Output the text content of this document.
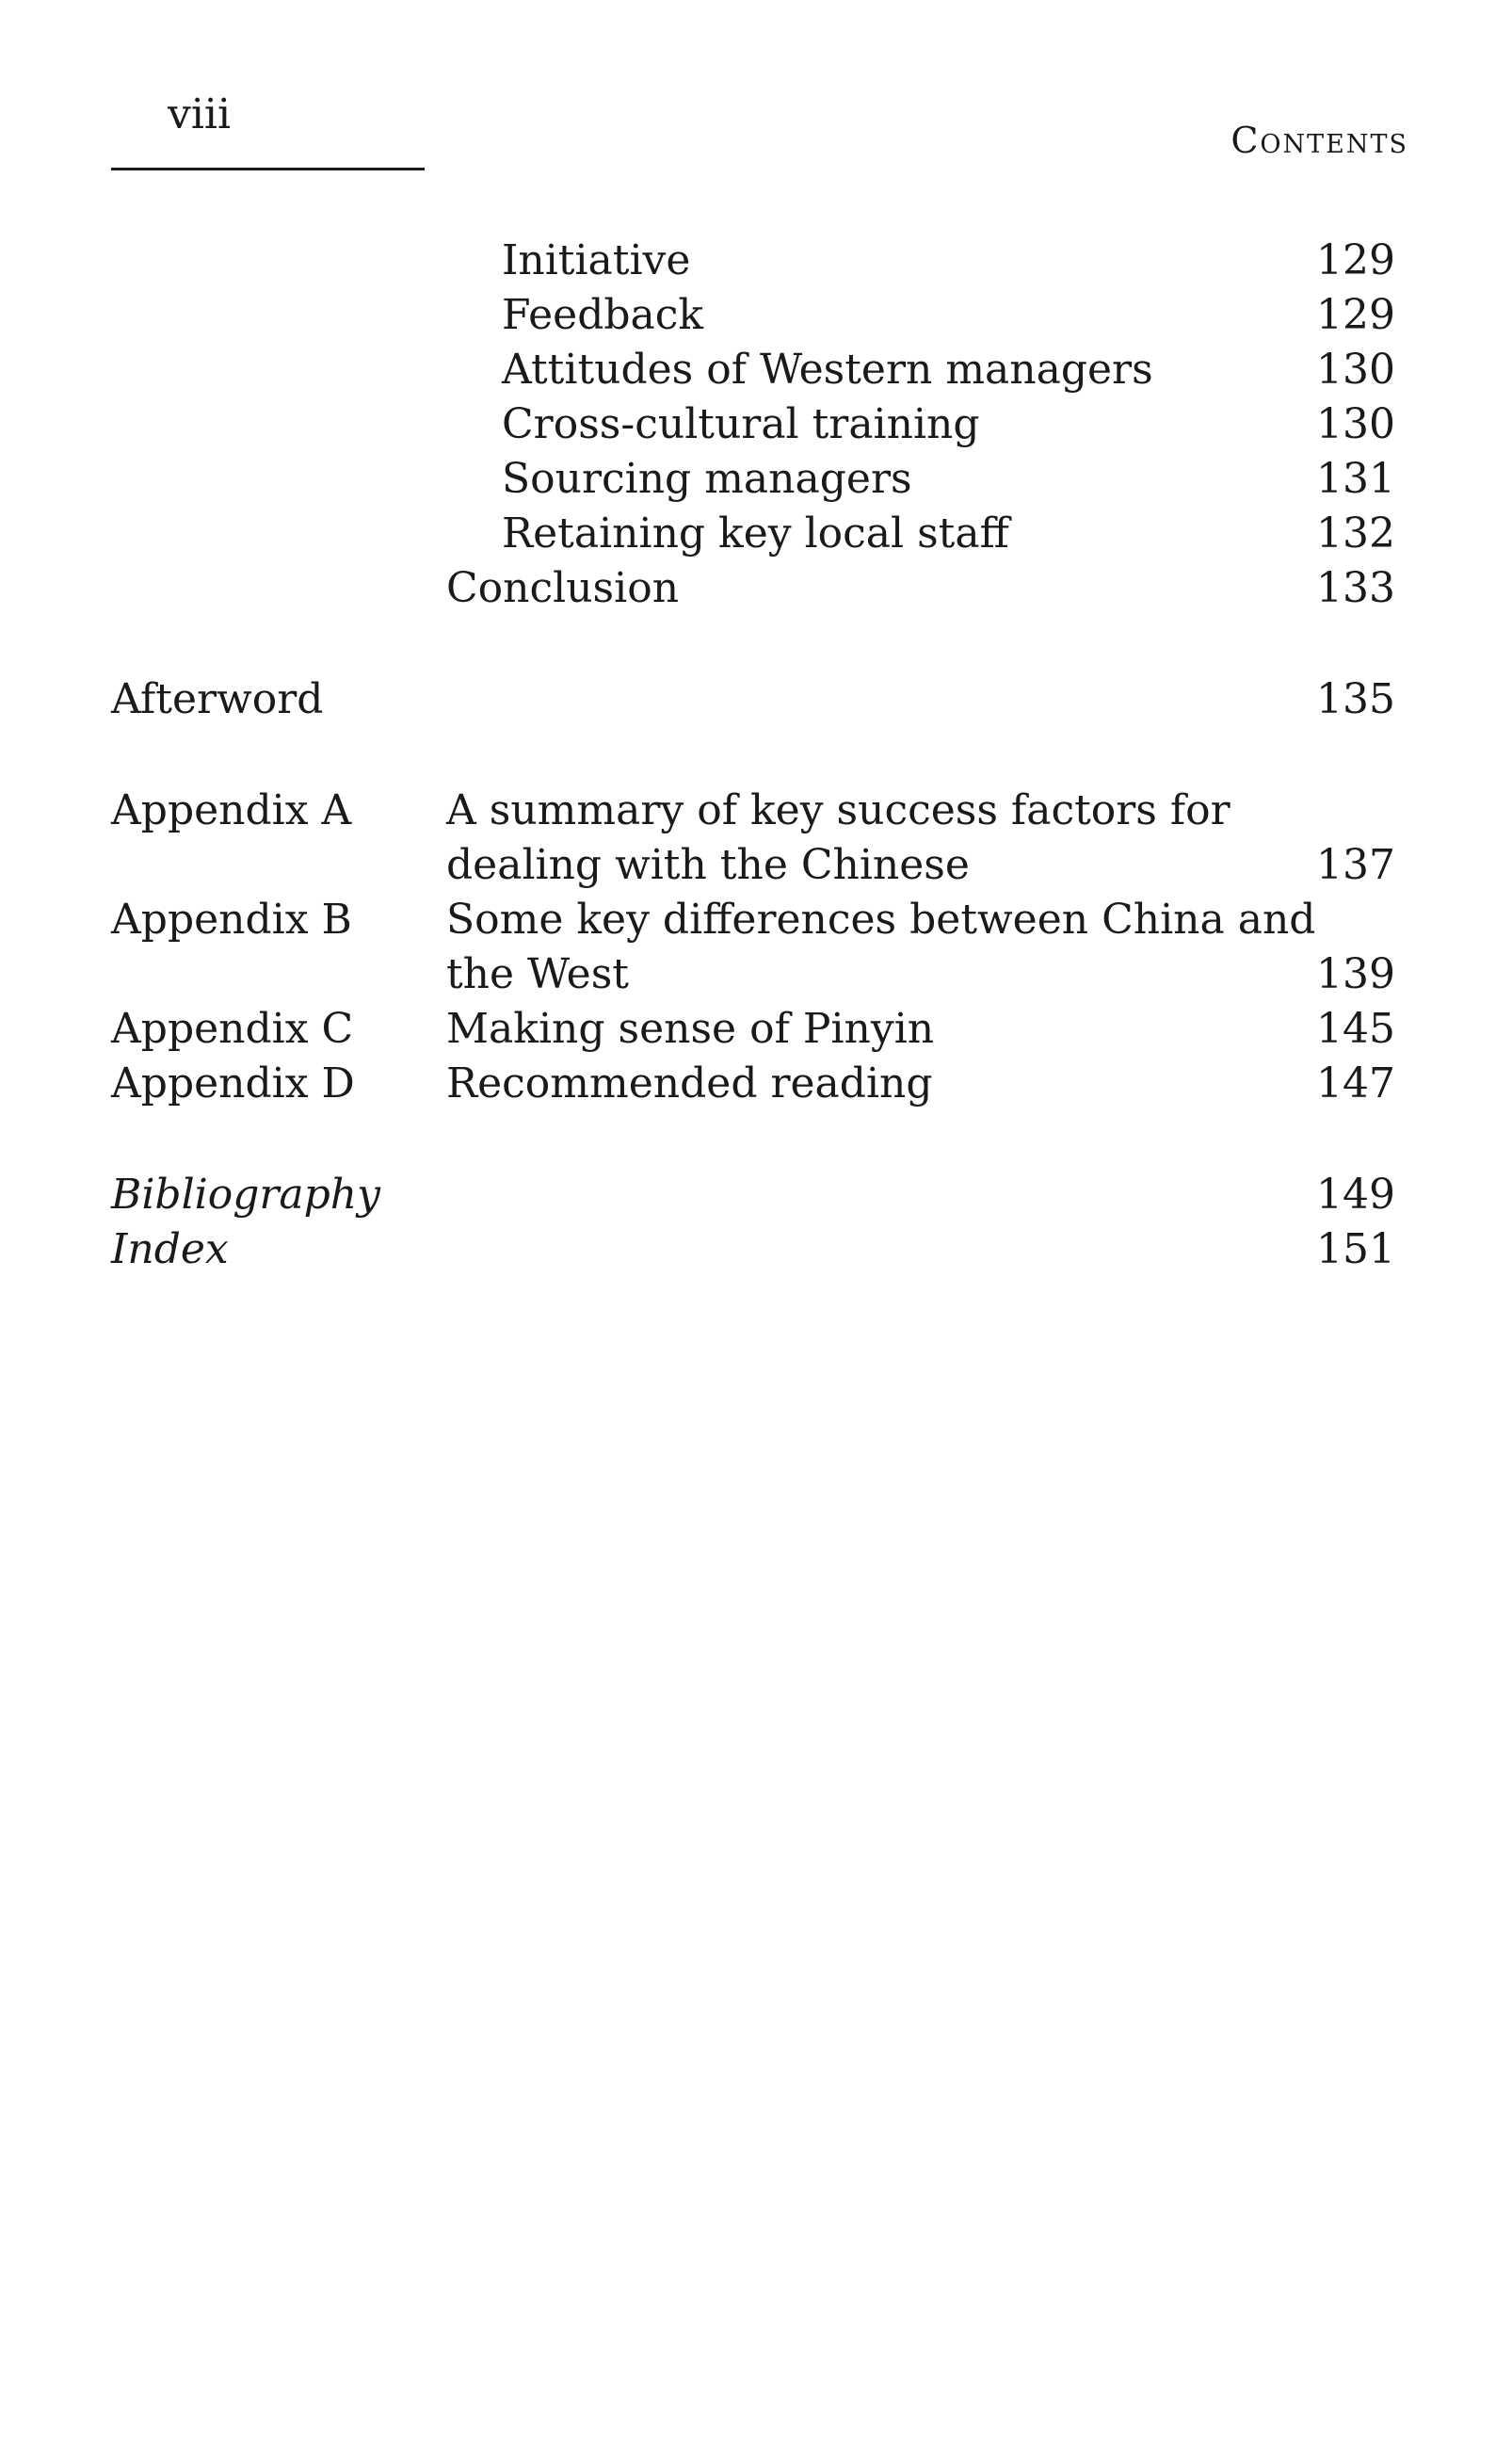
viii
Contents
Initiative	129
Feedback	129
Attitudes of Western managers	130
Cross-cultural training	130
Sourcing managers	131
Retaining key local staff	132
Conclusion	133
Afterword	135
Appendix A A summary of key success factors for
dealing with the Chinese	137
Appendix B Some key differences between China and
the West	139
Appendix C Making sense of Pinyin	145
Appendix D Recommended reading	147
Bibliography	149
Index	151
